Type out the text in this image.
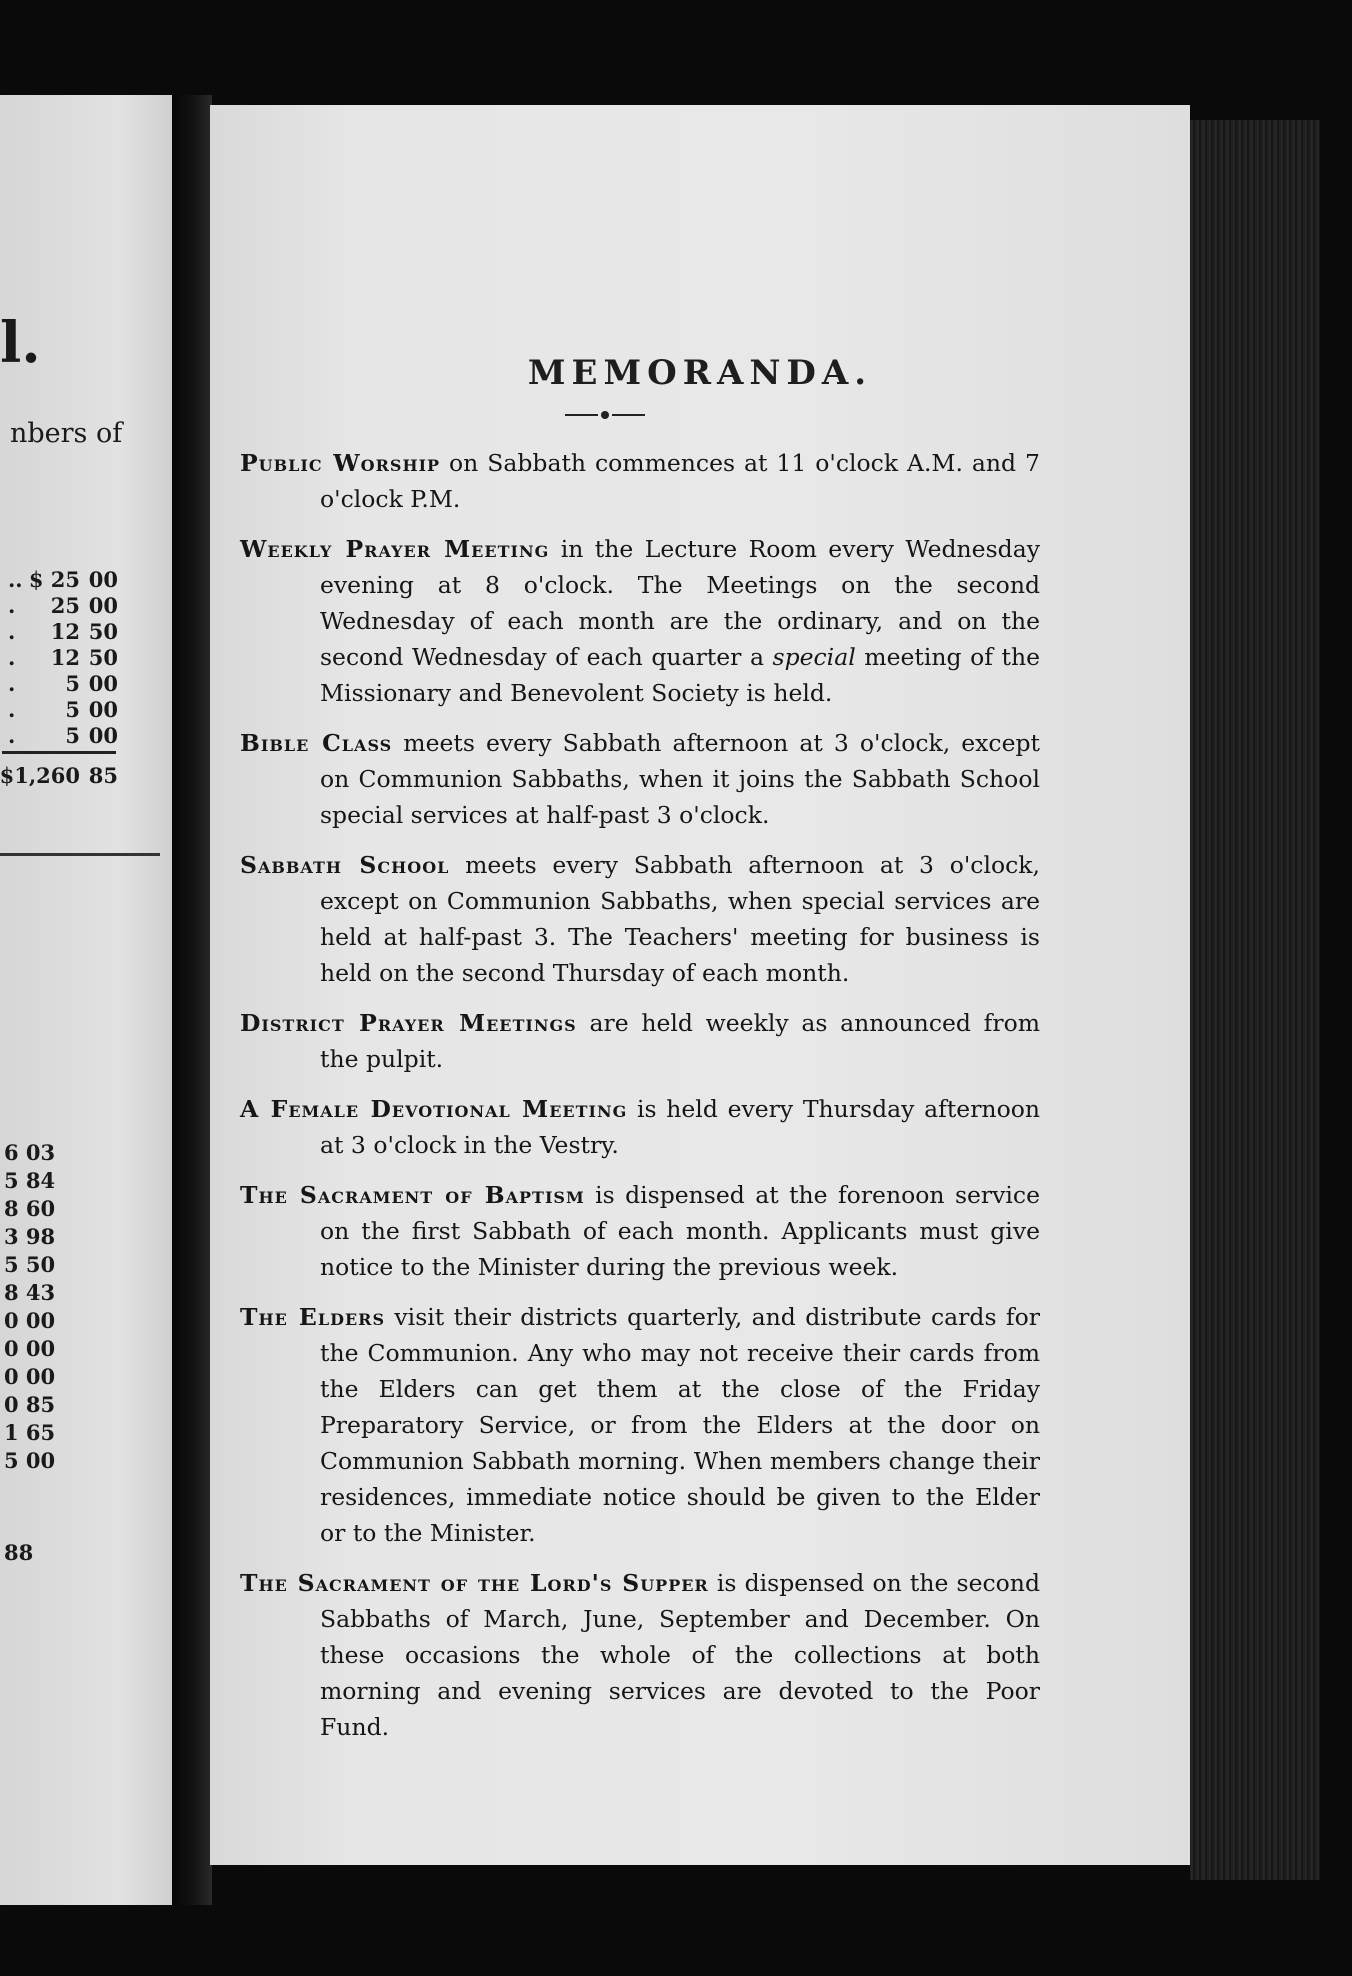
l.
nbers of
.. $ 25 00
. 25 00
. 12 50
. 12 50
. 5 00
. 5 00
. 5 00
$1,260 85
6 03
5 84
8 60
3 98
5 50
8 43
0 00
0 00
0 00
0 85
1 65
5 00
88
MEMORANDA.
Public Worship on Sabbath commences at 11 o'clock A.M. and 7 o'clock P.M.
Weekly Prayer Meeting in the Lecture Room every Wednesday evening at 8 o'clock. The Meetings on the second Wednesday of each month are the ordinary, and on the second Wednesday of each quarter a special meeting of the Missionary and Benevolent Society is held.
Bible Class meets every Sabbath afternoon at 3 o'clock, except on Communion Sabbaths, when it joins the Sabbath School special services at half-past 3 o'clock.
Sabbath School meets every Sabbath afternoon at 3 o'clock, except on Communion Sabbaths, when special services are held at half-past 3. The Teachers' meeting for business is held on the second Thursday of each month.
District Prayer Meetings are held weekly as announced from the pulpit.
A Female Devotional Meeting is held every Thursday afternoon at 3 o'clock in the Vestry.
The Sacrament of Baptism is dispensed at the forenoon service on the first Sabbath of each month. Applicants must give notice to the Minister during the previous week.
The Elders visit their districts quarterly, and distribute cards for the Communion. Any who may not receive their cards from the Elders can get them at the close of the Friday Preparatory Service, or from the Elders at the door on Communion Sabbath morning. When members change their residences, immediate notice should be given to the Elder or to the Minister.
The Sacrament of the Lord's Supper is dispensed on the second Sabbaths of March, June, September and December. On these occasions the whole of the collections at both morning and evening services are devoted to the Poor Fund.
